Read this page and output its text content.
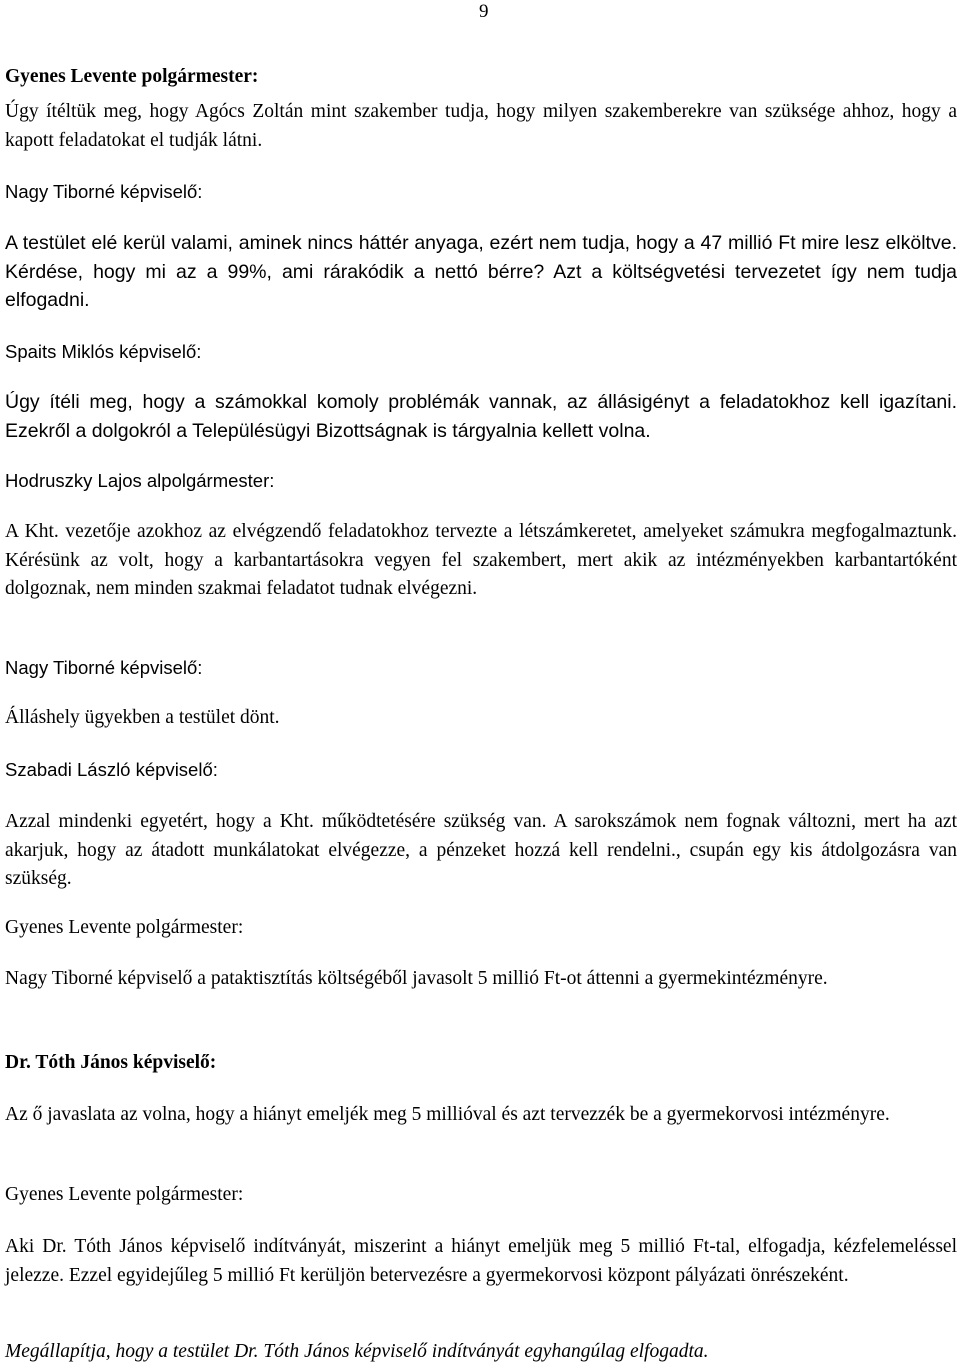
9
Gyenes Levente polgármester:
Úgy ítéltük meg, hogy Agócs Zoltán mint szakember tudja, hogy milyen szakemberekre van szüksége ahhoz, hogy a kapott feladatokat el tudják látni.
Nagy Tiborné képviselő:
A testület elé kerül valami, aminek nincs háttér anyaga, ezért nem tudja, hogy a 47 millió Ft mire lesz elköltve. Kérdése, hogy mi az a 99%, ami rárakódik a nettó bérre? Azt a költségvetési tervezetet így nem tudja elfogadni.
Spaits Miklós képviselő:
Úgy ítéli meg, hogy a számokkal komoly problémák vannak, az állásigényt a feladatokhoz kell igazítani. Ezekről a dolgokról a Településügyi Bizottságnak is tárgyalnia kellett volna.
Hodruszky Lajos alpolgármester:
A Kht. vezetője azokhoz az elvégzendő feladatokhoz tervezte a létszámkeretet, amelyeket számukra megfogalmaztunk. Kérésünk az volt, hogy a karbantartásokra vegyen fel szakembert, mert akik az intézményekben karbantartóként dolgoznak, nem minden szakmai feladatot tudnak elvégezni.
Nagy Tiborné képviselő:
Álláshely ügyekben a testület dönt.
Szabadi László képviselő:
Azzal mindenki egyetért, hogy a Kht. működtetésére szükség van. A sarokszámok nem fognak változni, mert ha azt akarjuk, hogy az átadott munkálatokat elvégezze, a pénzeket hozzá kell rendelni., csupán egy kis átdolgozásra van szükség.
Gyenes Levente polgármester:
Nagy Tiborné képviselő a pataktisztítás költségéből javasolt 5 millió Ft-ot áttenni a gyermekintézményre.
Dr. Tóth János képviselő:
Az ő javaslata az volna, hogy a hiányt emeljék meg 5 millióval és azt tervezzék be a gyermekorvosi intézményre.
Gyenes Levente polgármester:
Aki Dr. Tóth János képviselő indítványát, miszerint a hiányt emeljük meg 5 millió Ft-tal, elfogadja, kézfelemeléssel jelezze. Ezzel egyidejűleg 5 millió Ft kerüljön betervezésre a gyermekorvosi központ pályázati önrészeként.
Megállapítja, hogy a testület Dr. Tóth János képviselő indítványát egyhangúlag elfogadta.
